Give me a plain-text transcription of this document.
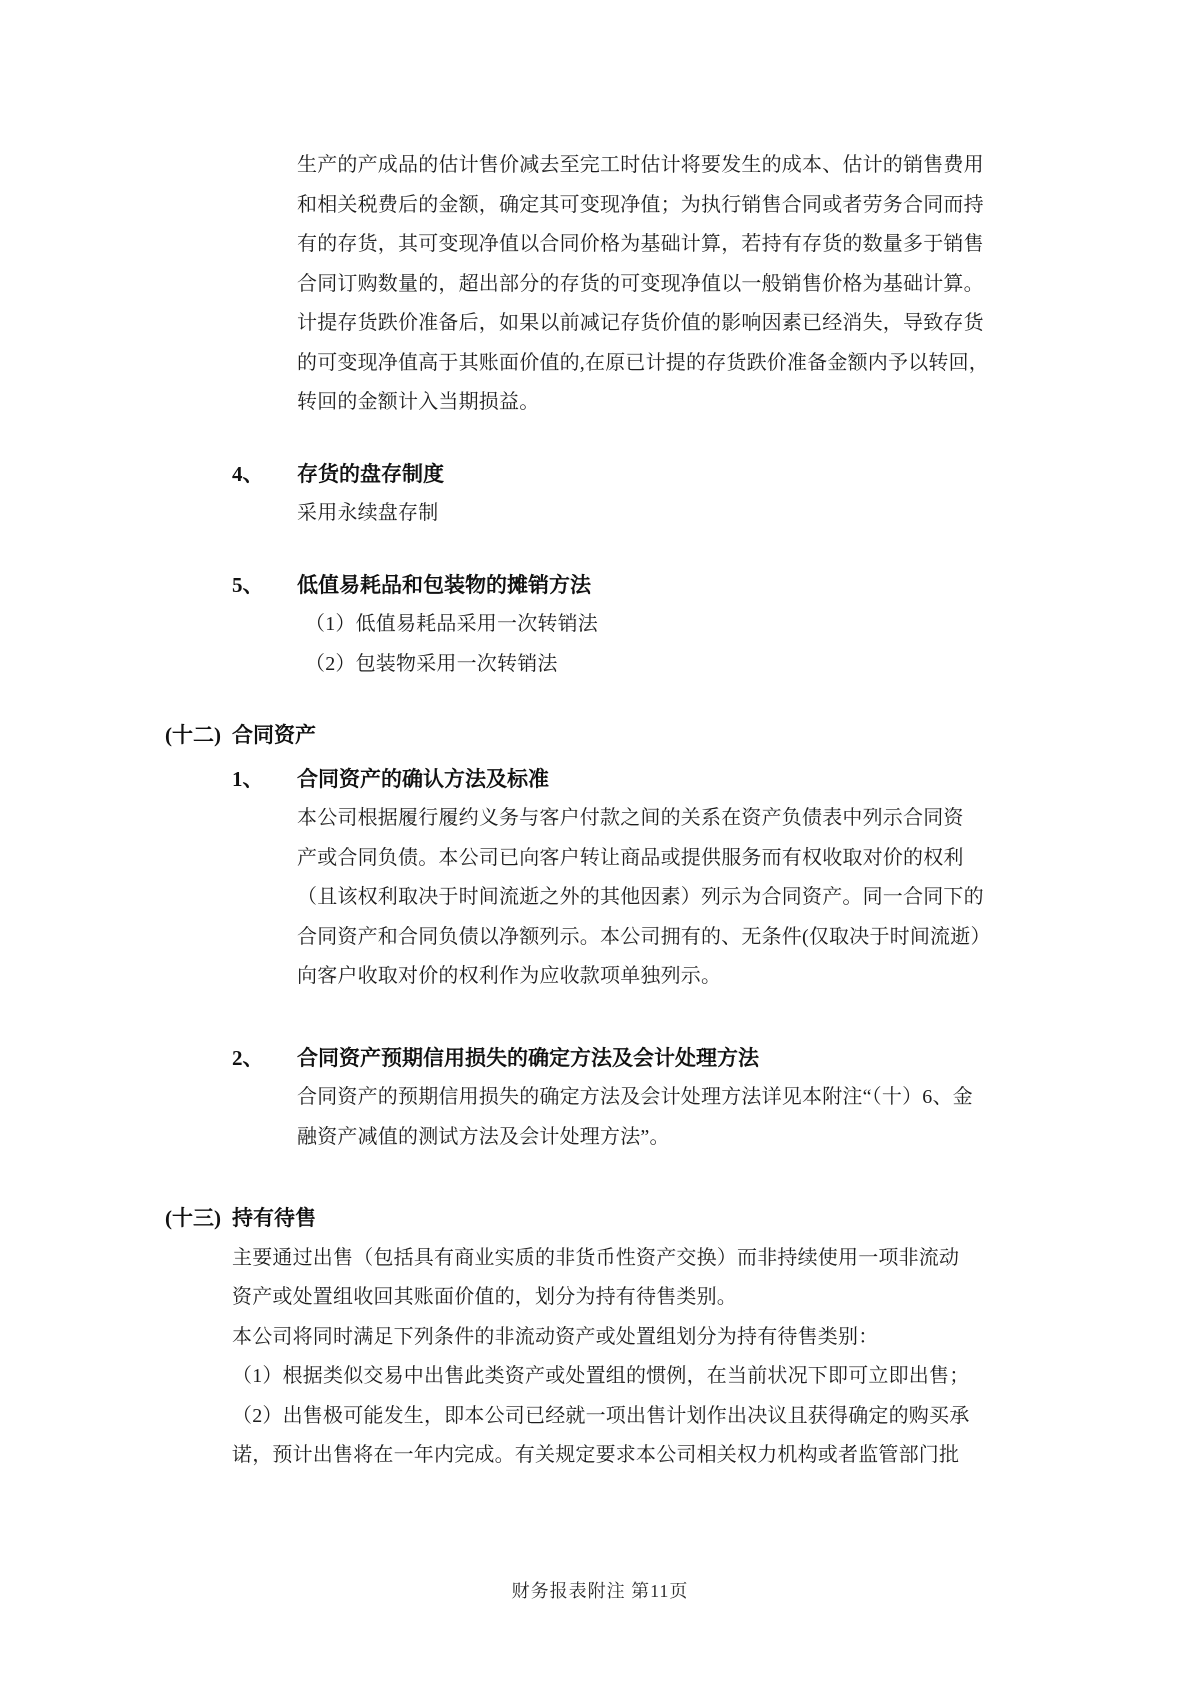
生产的产成品的估计售价减去至完工时估计将要发生的成本、估计的销售费用
和相关税费后的金额，确定其可变现净值；为执行销售合同或者劳务合同而持
有的存货，其可变现净值以合同价格为基础计算，若持有存货的数量多于销售
合同订购数量的，超出部分的存货的可变现净值以一般销售价格为基础计算。
计提存货跌价准备后，如果以前减记存货价值的影响因素已经消失，导致存货
的可变现净值高于其账面价值的,在原已计提的存货跌价准备金额内予以转回，
转回的金额计入当期损益。
4、 存货的盘存制度
采用永续盘存制
5、 低值易耗品和包装物的摊销方法
（1）低值易耗品采用一次转销法
（2）包装物采用一次转销法
(十二) 合同资产
1、 合同资产的确认方法及标准
本公司根据履行履约义务与客户付款之间的关系在资产负债表中列示合同资
产或合同负债。本公司已向客户转让商品或提供服务而有权收取对价的权利
（且该权利取决于时间流逝之外的其他因素）列示为合同资产。同一合同下的
合同资产和合同负债以净额列示。本公司拥有的、无条件(仅取决于时间流逝）
向客户收取对价的权利作为应收款项单独列示。
2、 合同资产预期信用损失的确定方法及会计处理方法
合同资产的预期信用损失的确定方法及会计处理方法详见本附注“（十）6、金
融资产减值的测试方法及会计处理方法”。
(十三) 持有待售
主要通过出售（包括具有商业实质的非货币性资产交换）而非持续使用一项非流动
资产或处置组收回其账面价值的，划分为持有待售类别。
本公司将同时满足下列条件的非流动资产或处置组划分为持有待售类别：
（1）根据类似交易中出售此类资产或处置组的惯例，在当前状况下即可立即出售；
（2）出售极可能发生，即本公司已经就一项出售计划作出决议且获得确定的购买承
诺，预计出售将在一年内完成。有关规定要求本公司相关权力机构或者监管部门批
财务报表附注 第11页
